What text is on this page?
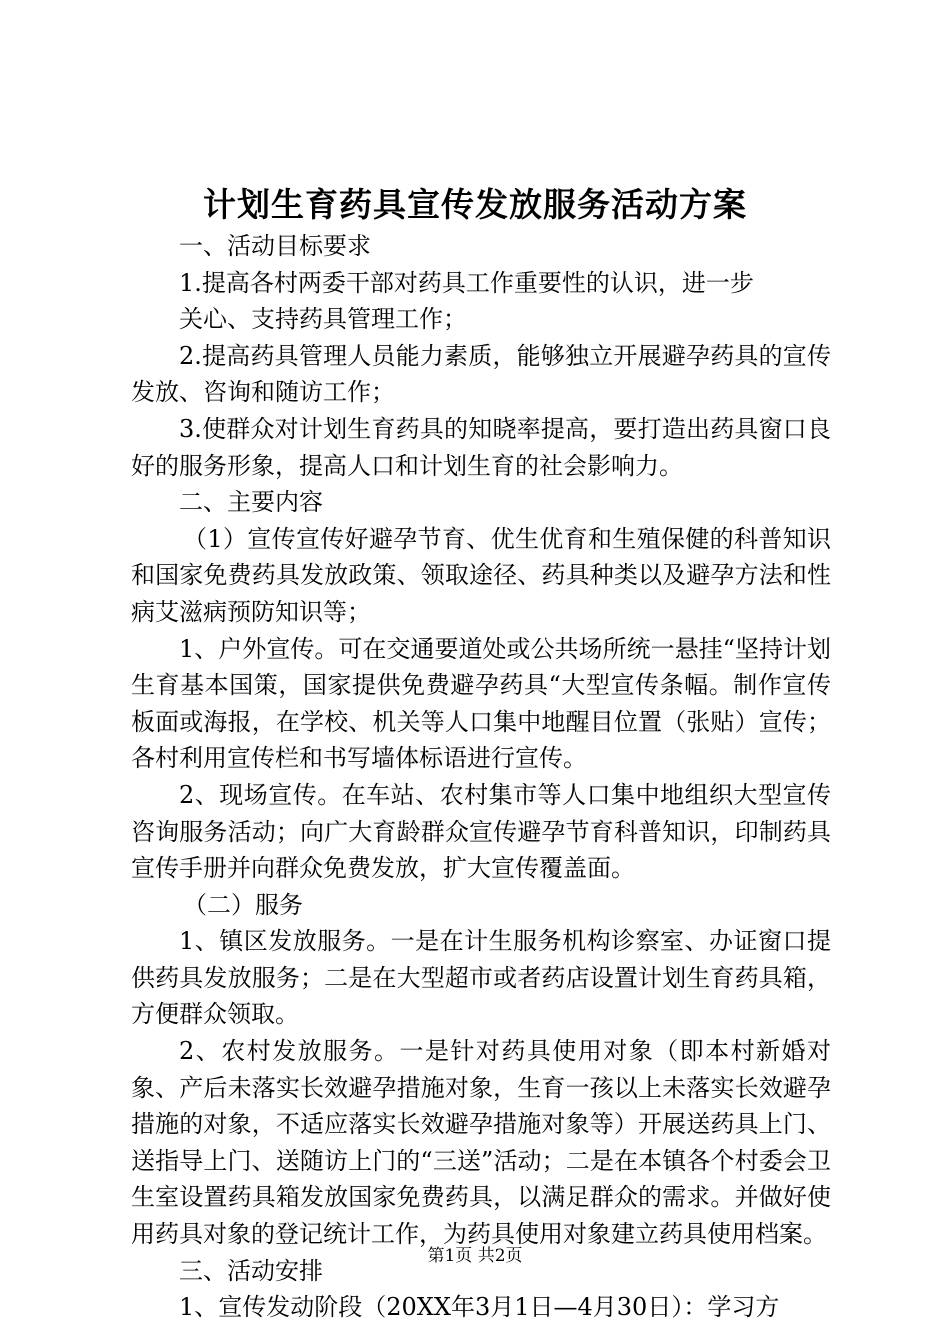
计划生育药具宣传发放服务活动方案

一、活动目标要求

1.提高各村两委干部对药具工作重要性的认识，进一步

关心、支持药具管理工作；

2.提高药具管理人员能力素质，能够独立开展避孕药具的宣传发放、咨询和随访工作；

3.使群众对计划生育药具的知晓率提高，要打造出药具窗口良好的服务形象，提高人口和计划生育的社会影响力。

二、主要内容

（1）宣传宣传好避孕节育、优生优育和生殖保健的科普知识和国家免费药具发放政策、领取途径、药具种类以及避孕方法和性病艾滋病预防知识等；

1、户外宣传。可在交通要道处或公共场所统一悬挂“坚持计划生育基本国策，国家提供免费避孕药具“大型宣传条幅。制作宣传板面或海报，在学校、机关等人口集中地醒目位置（张贴）宣传；各村利用宣传栏和书写墙体标语进行宣传。

2、现场宣传。在车站、农村集市等人口集中地组织大型宣传咨询服务活动；向广大育龄群众宣传避孕节育科普知识，印制药具宣传手册并向群众免费发放，扩大宣传覆盖面。

（二）服务

1、镇区发放服务。一是在计生服务机构诊察室、办证窗口提供药具发放服务；二是在大型超市或者药店设置计划生育药具箱，方便群众领取。

2、农村发放服务。一是针对药具使用对象（即本村新婚对象、产后未落实长效避孕措施对象，生育一孩以上未落实长效避孕措施的对象，不适应落实长效避孕措施对象等）开展送药具上门、送指导上门、送随访上门的“三送”活动；二是在本镇各个村委会卫生室设置药具箱发放国家免费药具，以满足群众的需求。并做好使用药具对象的登记统计工作，为药具使用对象建立药具使用档案。

三、活动安排

1、宣传发动阶段（20XX年3月1日—4月30日）：学习方

第1页 共2页
